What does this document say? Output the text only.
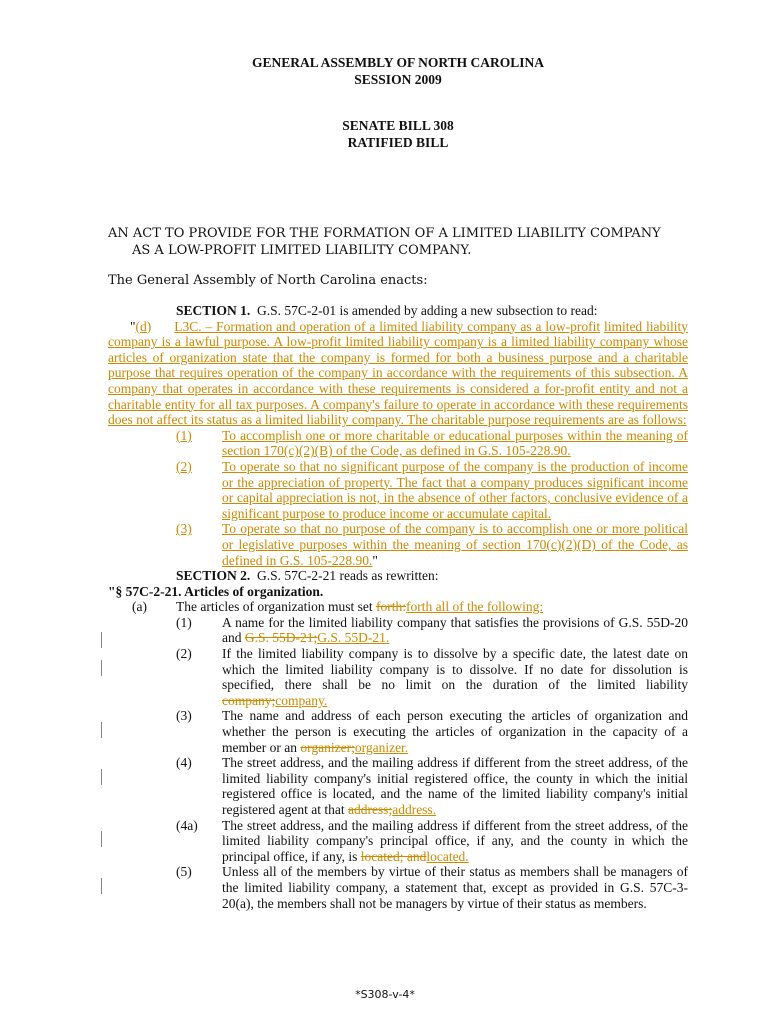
GENERAL ASSEMBLY OF NORTH CAROLINA
SESSION 2009
SENATE BILL 308
RATIFIED BILL
AN ACT TO PROVIDE FOR THE FORMATION OF A LIMITED LIABILITY COMPANY
AS A LOW-PROFIT LIMITED LIABILITY COMPANY.
The General Assembly of North Carolina enacts:
SECTION 1. G.S. 57C-2-01 is amended by adding a new subsection to read:
"(d) L3C. – Formation and operation of a limited liability company as a low-profit limited liability company is a lawful purpose. A low-profit limited liability company is a limited liability company whose articles of organization state that the company is formed for both a business purpose and a charitable purpose that requires operation of the company in accordance with the requirements of this subsection. A company that operates in accordance with these requirements is considered a for-profit entity and not a charitable entity for all tax purposes. A company's failure to operate in accordance with these requirements does not affect its status as a limited liability company. The charitable purpose requirements are as follows:
(1) To accomplish one or more charitable or educational purposes within the meaning of section 170(c)(2)(B) of the Code, as defined in G.S. 105-228.90.
(2) To operate so that no significant purpose of the company is the production of income or the appreciation of property. The fact that a company produces significant income or capital appreciation is not, in the absence of other factors, conclusive evidence of a significant purpose to produce income or accumulate capital.
(3) To operate so that no purpose of the company is to accomplish one or more political or legislative purposes within the meaning of section 170(c)(2)(D) of the Code, as defined in G.S. 105-228.90."
SECTION 2. G.S. 57C-2-21 reads as rewritten:
"§ 57C-2-21. Articles of organization.
(a) The articles of organization must set forth:forth all of the following:
(1) A name for the limited liability company that satisfies the provisions of G.S. 55D-20 and G.S. 55D-21;G.S. 55D-21.
(2) If the limited liability company is to dissolve by a specific date, the latest date on which the limited liability company is to dissolve. If no date for dissolution is specified, there shall be no limit on the duration of the limited liability company;company.
(3) The name and address of each person executing the articles of organization and whether the person is executing the articles of organization in the capacity of a member or an organizer;organizer.
(4) The street address, and the mailing address if different from the street address, of the limited liability company's initial registered office, the county in which the initial registered office is located, and the name of the limited liability company's initial registered agent at that address;address.
(4a) The street address, and the mailing address if different from the street address, of the limited liability company's principal office, if any, and the county in which the principal office, if any, is located; andlocated.
(5) Unless all of the members by virtue of their status as members shall be managers of the limited liability company, a statement that, except as provided in G.S. 57C-3-20(a), the members shall not be managers by virtue of their status as members.
*S308-v-4*
